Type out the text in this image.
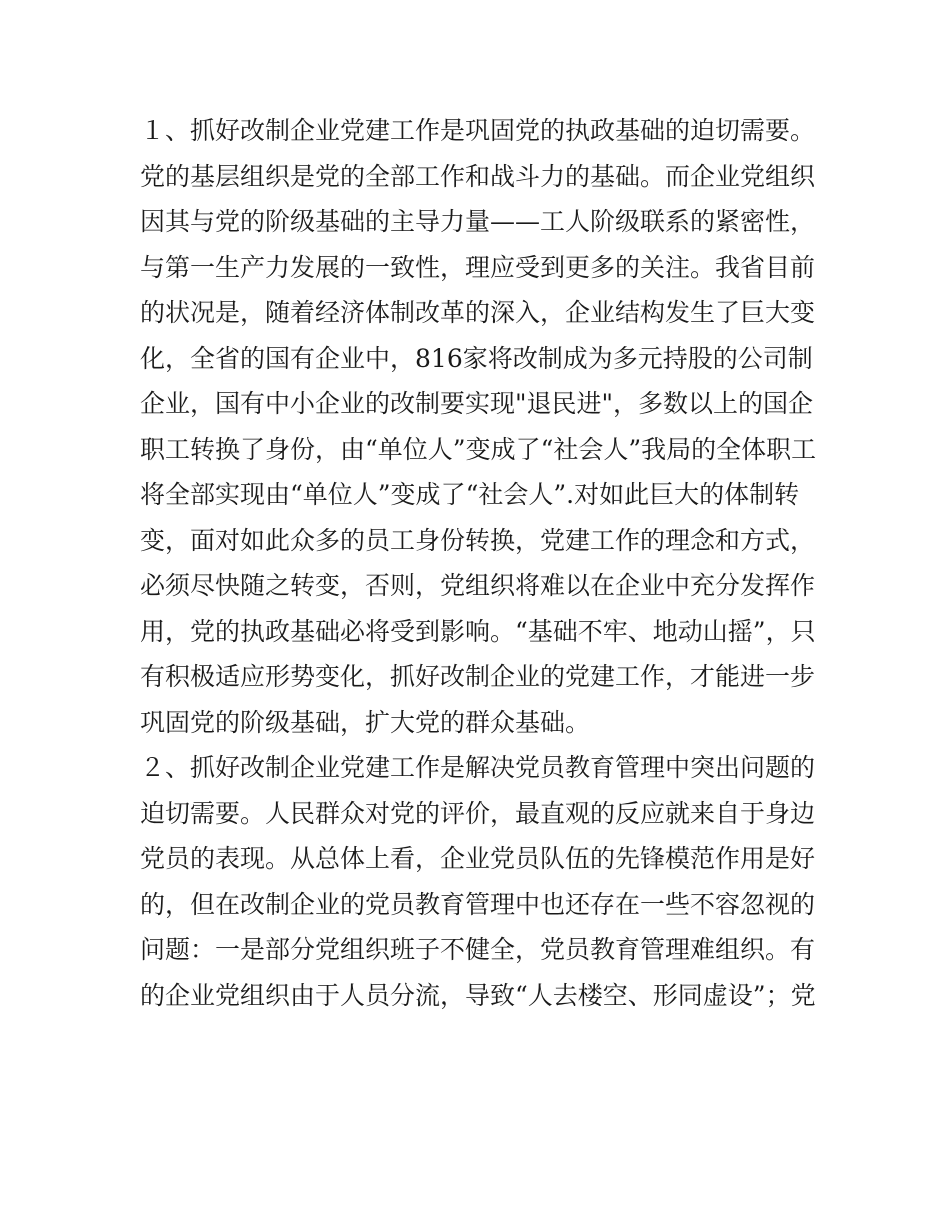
１、抓好改制企业党建工作是巩固党的执政基础的迫切需要。
党的基层组织是党的全部工作和战斗力的基础。而企业党组织
因其与党的阶级基础的主导力量——工人阶级联系的紧密性，
与第一生产力发展的一致性，理应受到更多的关注。我省目前
的状况是，随着经济体制改革的深入，企业结构发生了巨大变
化，全省的国有企业中，816家将改制成为多元持股的公司制
企业，国有中小企业的改制要实现"退民进"，多数以上的国企
职工转换了身份，由“单位人”变成了“社会人”我局的全体职工
将全部实现由“单位人”变成了“社会人”.对如此巨大的体制转
变，面对如此众多的员工身份转换，党建工作的理念和方式，
必须尽快随之转变，否则，党组织将难以在企业中充分发挥作
用，党的执政基础必将受到影响。“基础不牢、地动山摇”，只
有积极适应形势变化，抓好改制企业的党建工作，才能进一步
巩固党的阶级基础，扩大党的群众基础。
２、抓好改制企业党建工作是解决党员教育管理中突出问题的
迫切需要。人民群众对党的评价，最直观的反应就来自于身边
党员的表现。从总体上看，企业党员队伍的先锋模范作用是好
的，但在改制企业的党员教育管理中也还存在一些不容忽视的
问题：一是部分党组织班子不健全，党员教育管理难组织。有
的企业党组织由于人员分流，导致“人去楼空、形同虚设”；党
